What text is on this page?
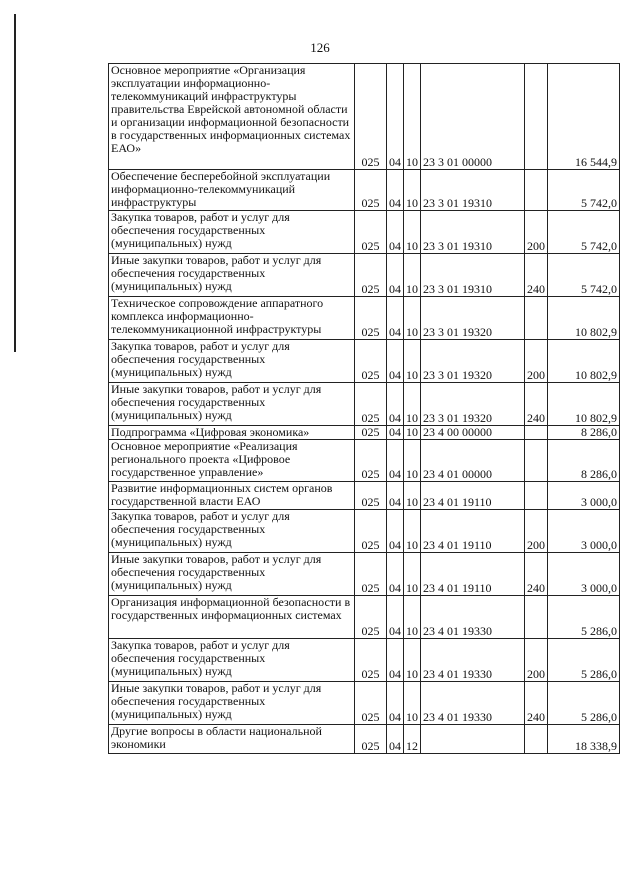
126
Основное мероприятие «Организация эксплуатации информационно-телекоммуникаций инфраструктуры правительства Еврейской автономной области и организации информационной безопасности в государственных информационных системах ЕАО»	025	04	10	23 3 01 00000		16 544,9
Обеспечение бесперебойной эксплуатации информационно-телекоммуникаций инфраструктуры	025	04	10	23 3 01 19310		5 742,0
Закупка товаров, работ и услуг для обеспечения государственных (муниципальных) нужд	025	04	10	23 3 01 19310	200	5 742,0
Иные закупки товаров, работ и услуг для обеспечения государственных (муниципальных) нужд	025	04	10	23 3 01 19310	240	5 742,0
Техническое сопровождение аппаратного комплекса информационно-телекоммуникационной инфраструктуры	025	04	10	23 3 01 19320		10 802,9
Закупка товаров, работ и услуг для обеспечения государственных (муниципальных) нужд	025	04	10	23 3 01 19320	200	10 802,9
Иные закупки товаров, работ и услуг для обеспечения государственных (муниципальных) нужд	025	04	10	23 3 01 19320	240	10 802,9
Подпрограмма «Цифровая экономика»	025	04	10	23 4 00 00000		8 286,0
Основное мероприятие «Реализация регионального проекта «Цифровое государственное управление»	025	04	10	23 4 01 00000		8 286,0
Развитие информационных систем органов государственной власти ЕАО	025	04	10	23 4 01 19110		3 000,0
Закупка товаров, работ и услуг для обеспечения государственных (муниципальных) нужд	025	04	10	23 4 01 19110	200	3 000,0
Иные закупки товаров, работ и услуг для обеспечения государственных (муниципальных) нужд	025	04	10	23 4 01 19110	240	3 000,0
Организация информационной безопасности в государственных информационных системах	025	04	10	23 4 01 19330		5 286,0
Закупка товаров, работ и услуг для обеспечения государственных (муниципальных) нужд	025	04	10	23 4 01 19330	200	5 286,0
Иные закупки товаров, работ и услуг для обеспечения государственных (муниципальных) нужд	025	04	10	23 4 01 19330	240	5 286,0
Другие вопросы в области национальной экономики	025	04	12			18 338,9
